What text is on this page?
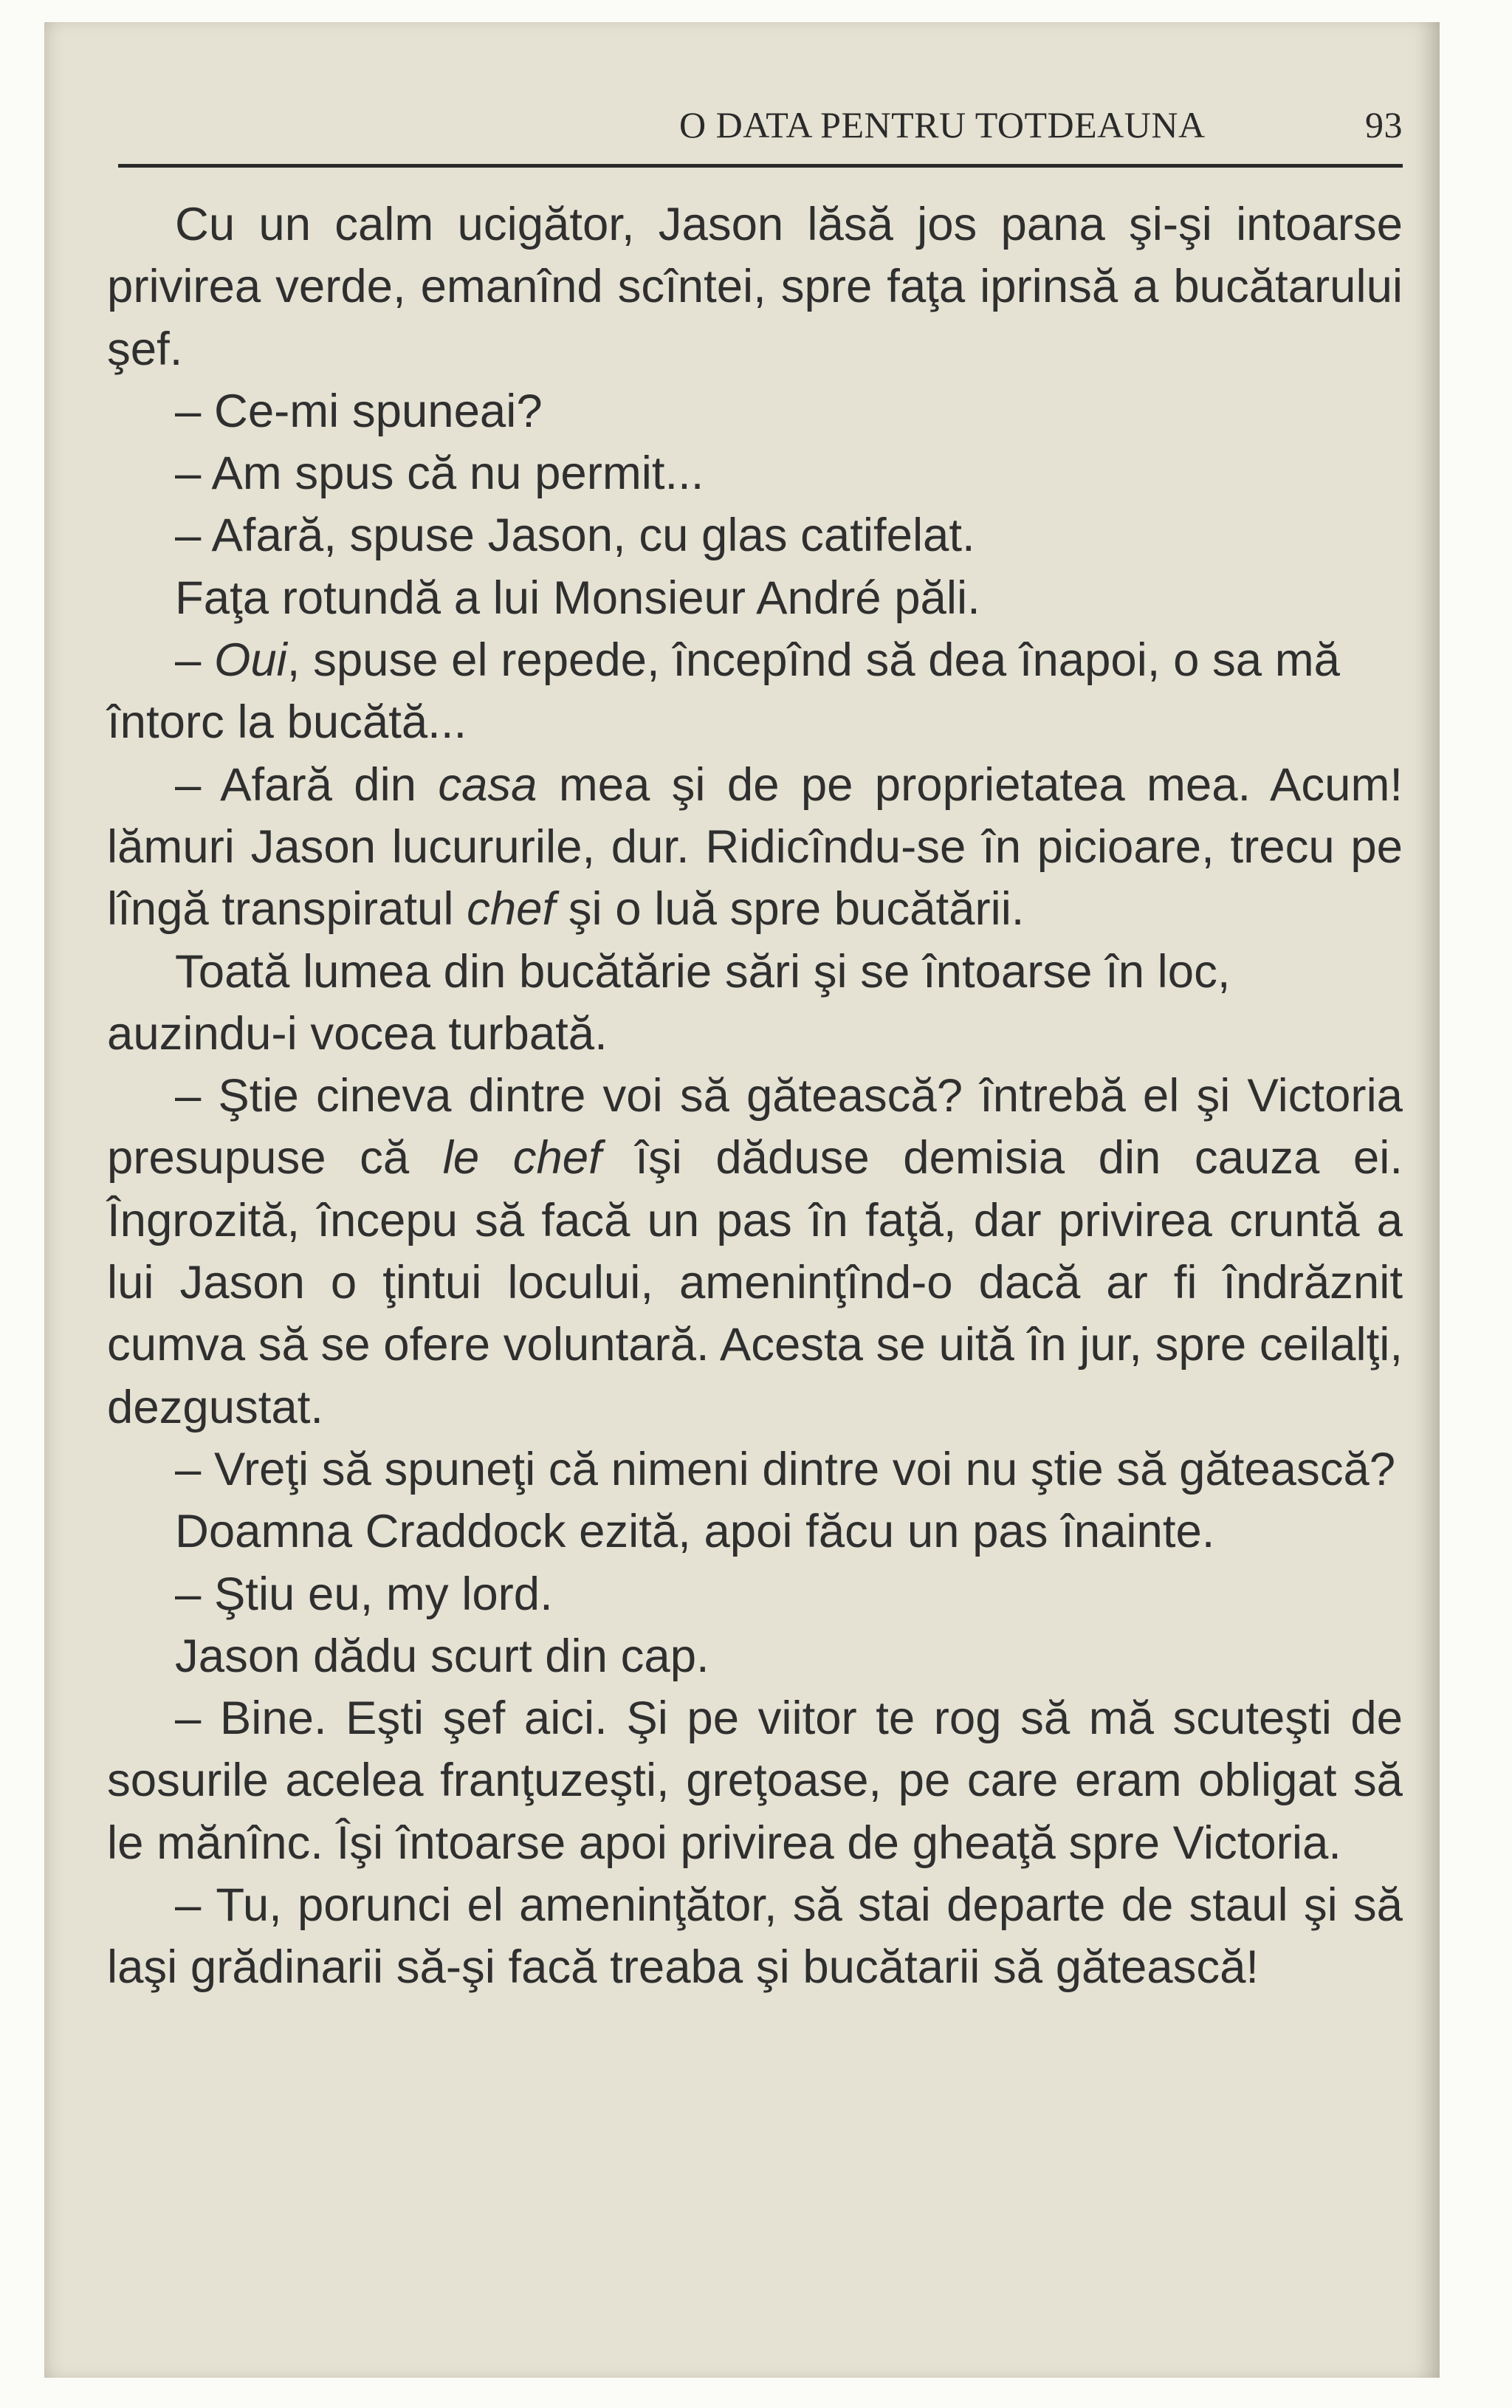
O DATA PENTRU TOTDEAUNA	93

Cu un calm ucigător, Jason lăsă jos pana şi-şi intoarse privirea verde, emanînd scîntei, spre faţa iprinsă a bucătarului şef.

– Ce-mi spuneai?

– Am spus că nu permit...

– Afară, spuse Jason, cu glas catifelat.

Faţa rotundă a lui Monsieur André păli.

– Oui, spuse el repede, începînd să dea înapoi, o sa mă întorc la bucătă...

– Afară din casa mea şi de pe proprietatea mea. Acum! lămuri Jason lucururile, dur. Ridicîndu-se în picioare, trecu pe lîngă transpiratul chef şi o luă spre bucătării.

Toată lumea din bucătărie sări şi se întoarse în loc, auzindu-i vocea turbată.

– Ştie cineva dintre voi să gătească? întrebă el şi Victoria presupuse că le chef îşi dăduse demisia din cauza ei. Îngrozită, începu să facă un pas în faţă, dar privirea cruntă a lui Jason o ţintui locului, ameninţînd-o dacă ar fi îndrăznit cumva să se ofere voluntară. Acesta se uită în jur, spre ceilalţi, dezgustat.

– Vreţi să spuneţi că nimeni dintre voi nu ştie să gătească?

Doamna Craddock ezită, apoi făcu un pas înainte.

– Ştiu eu, my lord.

Jason dădu scurt din cap.

– Bine. Eşti şef aici. Şi pe viitor te rog să mă scuteşti de sosurile acelea franţuzeşti, greţoase, pe care eram obligat să le mănînc. Îşi întoarse apoi privirea de gheaţă spre Victoria.

– Tu, porunci el ameninţător, să stai departe de staul şi să laşi grădinarii să-şi facă treaba şi bucătarii să gătească!
